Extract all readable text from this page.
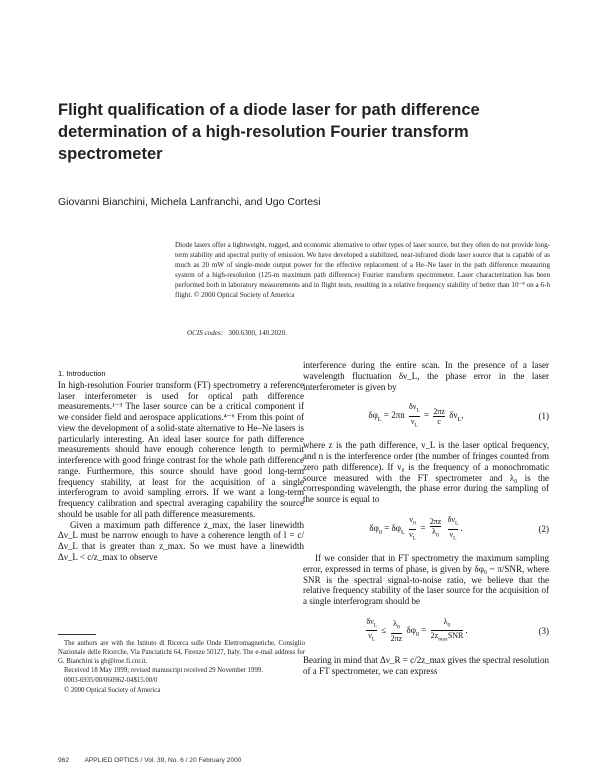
Flight qualification of a diode laser for path difference determination of a high-resolution Fourier transform spectrometer
Giovanni Bianchini, Michela Lanfranchi, and Ugo Cortesi
Diode lasers offer a lightweight, rugged, and economic alternative to other types of laser source, but they often do not provide long-term stability and spectral purity of emission. We have developed a stabilized, near-infrared diode laser source that is capable of as much as 20 mW of single-mode output power for the effective replacement of a He–Ne laser in the path difference measuring system of a high-resolution (125-m maximum path difference) Fourier transform spectrometer. Laser characterization has been performed both in laboratory measurements and in flight tests, resulting in a relative frequency stability of better than 10⁻⁸ on a 6-h flight. © 2000 Optical Society of America
OCIS codes: 300.6300, 140.2020.

1. Introduction

In high-resolution Fourier transform (FT) spectrometry a reference laser interferometer is used for optical path difference measurements.¹⁻³ The laser source can be a critical component if we consider field and aerospace applications.⁴⁻⁶ From this point of view the development of a solid-state alternative to He–Ne lasers is particularly interesting. An ideal laser source for path difference measurements should have enough coherence length to permit interference with good fringe contrast for the whole path difference range. Furthermore, this source should have good long-term frequency stability, at least for the acquisition of a single interferogram to avoid sampling errors. If we want a long-term frequency calibration and spectral averaging capability the source should be usable for all path difference measurements.

Given a maximum path difference z_max, the laser linewidth Δν_L must be narrow enough to have a coherence length of l = c/Δν_L that is greater than z_max. So we must have a linewidth Δν_L < c/z_max to observe

interference during the entire scan. In the presence of a laser wavelength fluctuation δν_L, the phase error in the laser interferometer is given by

$\delta\varphi_L = 2\pi n \frac{\delta\nu_L}{\nu_L} = \frac{2\pi z}{c} \delta\nu_L$,	(1)

where z is the path difference, ν_L is the laser optical frequency, and n is the interference order (the number of fringes counted from zero path difference). If ν₀ is the frequency of a monochromatic source measured with the FT spectrometer and λ₀ is the corresponding wavelength, the phase error during the sampling of the source is equal to

$\delta\varphi_0 = \delta\varphi_L \frac{\nu_0}{\nu_L} = \frac{2\pi z}{\lambda_0}$
$\frac{\delta\nu_L}{\nu_L}$ .	(2)

If we consider that in FT spectrometry the maximum sampling error, expressed in terms of phase, is given by δφ₀ ~ π/SNR, where SNR is the spectral signal-to-noise ratio, we believe that the relative frequency stability of the laser source for the acquisition of a single interferogram should be

$\frac{\delta\nu_L}{\nu_L} \le \frac{\lambda_0}{2\pi z} \delta\varphi_0 = \frac{\lambda_0}{2z_{max}SNR}$ .	(3)

Bearing in mind that Δν_R = c/2z_max gives the spectral resolution of a FT spectrometer, we can express

The authors are with the Istituto di Ricerca sulle Onde Elettromagnetiche, Consiglio Nazionale delle Ricerche, Via Panciatichi 64, Firenze 50127, Italy. The e-mail address for G. Bianchini is gb@iroe.fi.cnr.it.

Received 18 May 1999; revised manuscript received 29 November 1999.

0003-6935/00/060962-04$15.00/0

© 2000 Optical Society of America

962 APPLIED OPTICS / Vol. 39, No. 6 / 20 February 2000
